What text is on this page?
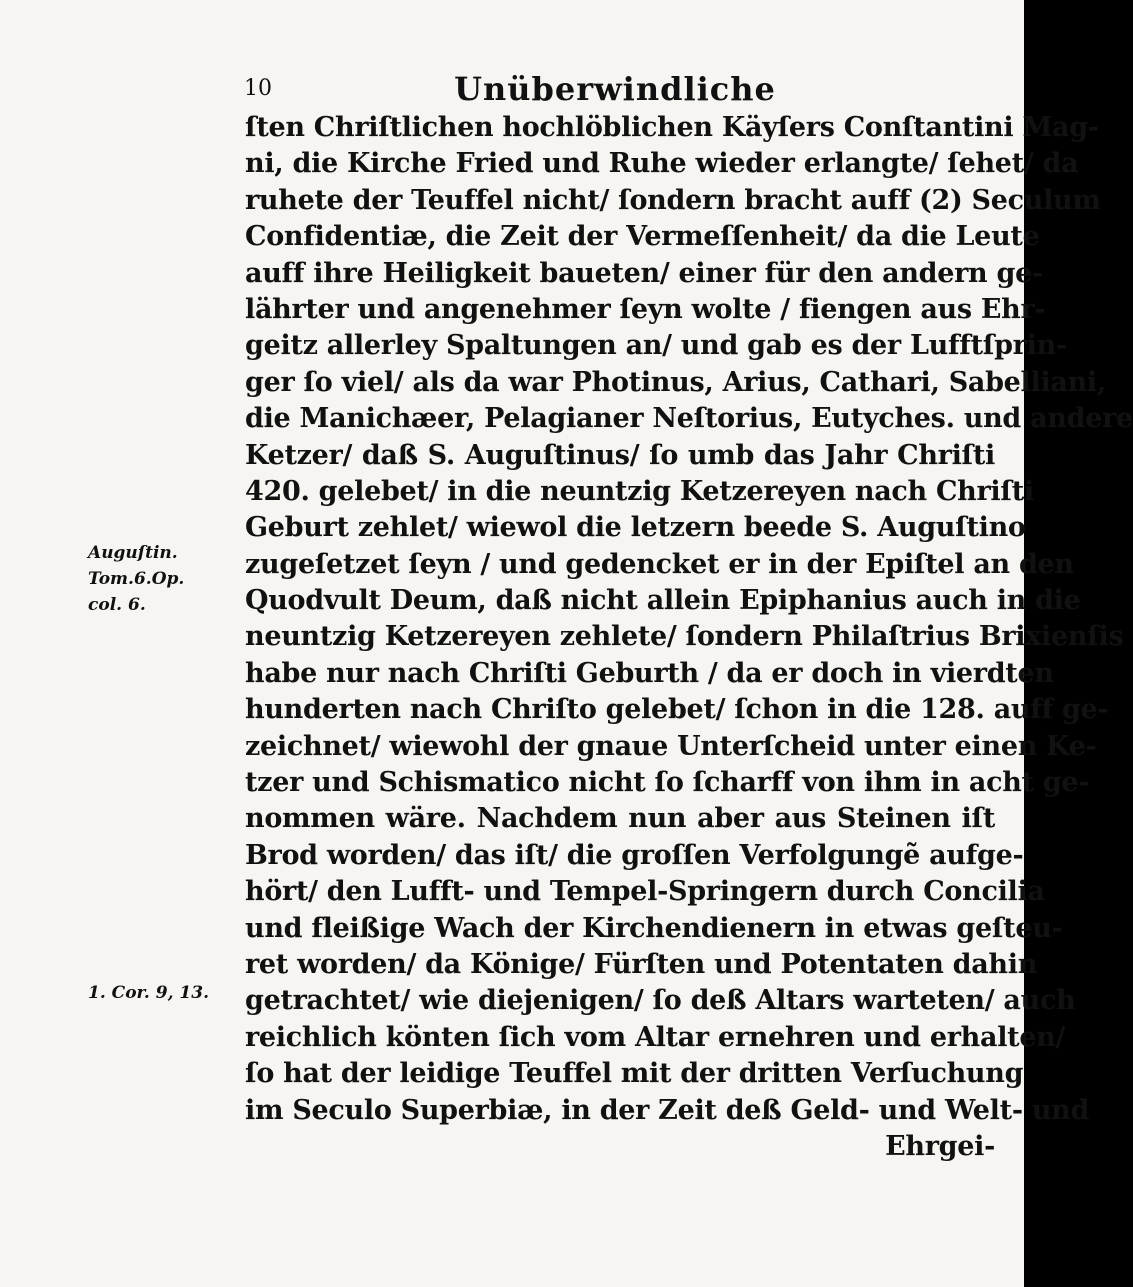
10	Unüberwindliche
ſten Chriſtlichen hochlöblichen Käyſers Conſtantini Mag-
ni, die Kirche Fried und Ruhe wieder erlangte/ ſehet/ da
ruhete der Teuffel nicht/ ſondern bracht auff (2) Seculum
Confidentiæ, die Zeit der Vermeſſenheit/ da die Leute
auff ihre Heiligkeit baueten/ einer für den andern ge-
lährter und angenehmer ſeyn wolte / fiengen aus Ehr-
geitz allerley Spaltungen an/ und gab es der Lufftſprin-
ger ſo viel/ als da war Photinus, Arius, Cathari, Sabelliani,
die Manichæer, Pelagianer Neſtorius, Eutyches. und andere
Ketzer/ daß S. Auguſtinus/ ſo umb das Jahr Chriſti
420. gelebet/ in die neuntzig Ketzereyen nach Chriſti
Geburt zehlet/ wiewol die letzern beede S. Auguſtino
zugeſetzet ſeyn / und gedencket er in der Epiſtel an den
Quodvult Deum, daß nicht allein Epiphanius auch in die
neuntzig Ketzereyen zehlete/ ſondern Philaſtrius Brixienſis
habe nur nach Chriſti Geburth / da er doch in vierdten
hunderten nach Chriſto gelebet/ ſchon in die 128. auff ge-
zeichnet/ wiewohl der gnaue Unterſcheid unter einen Ke-
tzer und Schismatico nicht ſo ſcharff von ihm in acht ge-
nommen wäre. Nachdem nun aber aus Steinen iſt
Brod worden/ das iſt/ die groſſen Verfolgungẽ aufge-
hört/ den Lufft- und Tempel-Springern durch Concilia
und fleißige Wach der Kirchendienern in etwas geſteu-
ret worden/ da Könige/ Fürſten und Potentaten dahin
getrachtet/ wie diejenigen/ ſo deß Altars warteten/ auch
reichlich könten ſich vom Altar ernehren und erhalten/
ſo hat der leidige Teuffel mit der dritten Verſuchung
im Seculo Superbiæ, in der Zeit deß Geld- und Welt- und
Ehrgei-
Auguſtin.
Tom.6.Op.
col. 6.
1. Cor. 9, 13.
